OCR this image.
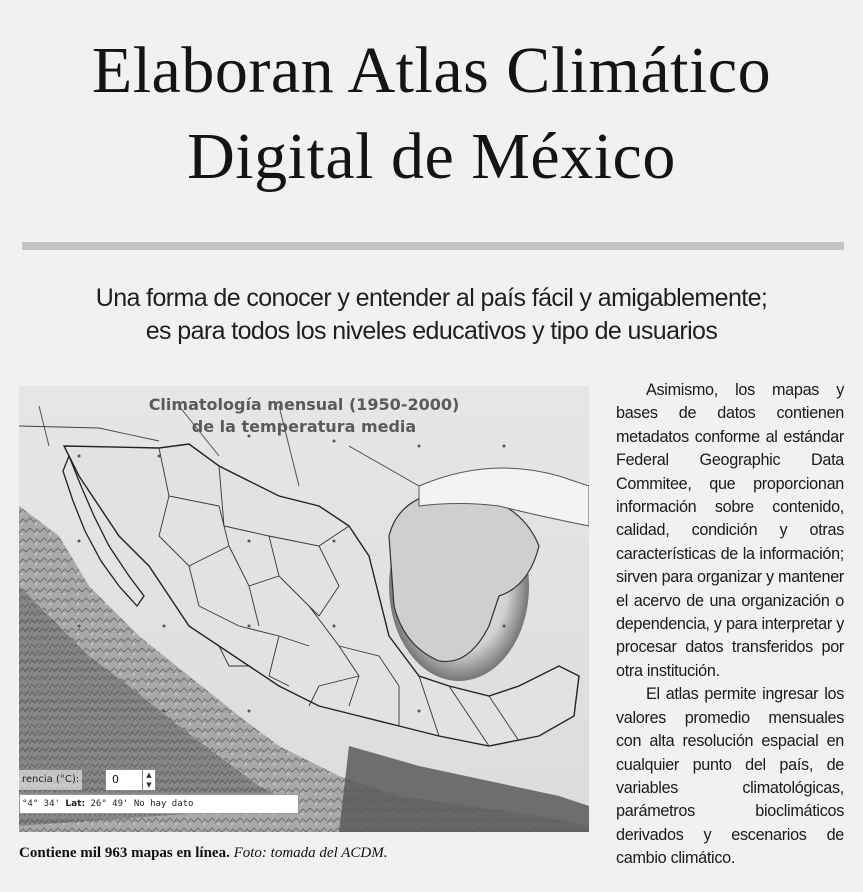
Elaboran Atlas Climático
Digital de México
Una forma de conocer y entender al país fácil y amigablemente;
es para todos los niveles educativos y tipo de usuarios
Climatología mensual (1950-2000)
de la temperatura media
rencia (°C):	0	▲
▼
°4° 34' Lat: 26° 49' No hay dato
Contiene mil 963 mapas en línea. Foto: tomada del ACDM.

Asimismo, los mapas y bases de datos contienen metadatos conforme al estándar Federal Geographic Data Commitee, que proporcionan información sobre contenido, calidad, condición y otras características de la información; sirven para organizar y mantener el acervo de una organización o dependencia, y para interpretar y procesar datos transferidos por otra institución.

El atlas permite ingresar los valores promedio mensuales con alta resolución espacial en cualquier punto del país, de variables climatológicas, parámetros bioclimáticos derivados y escenarios de cambio climático.
